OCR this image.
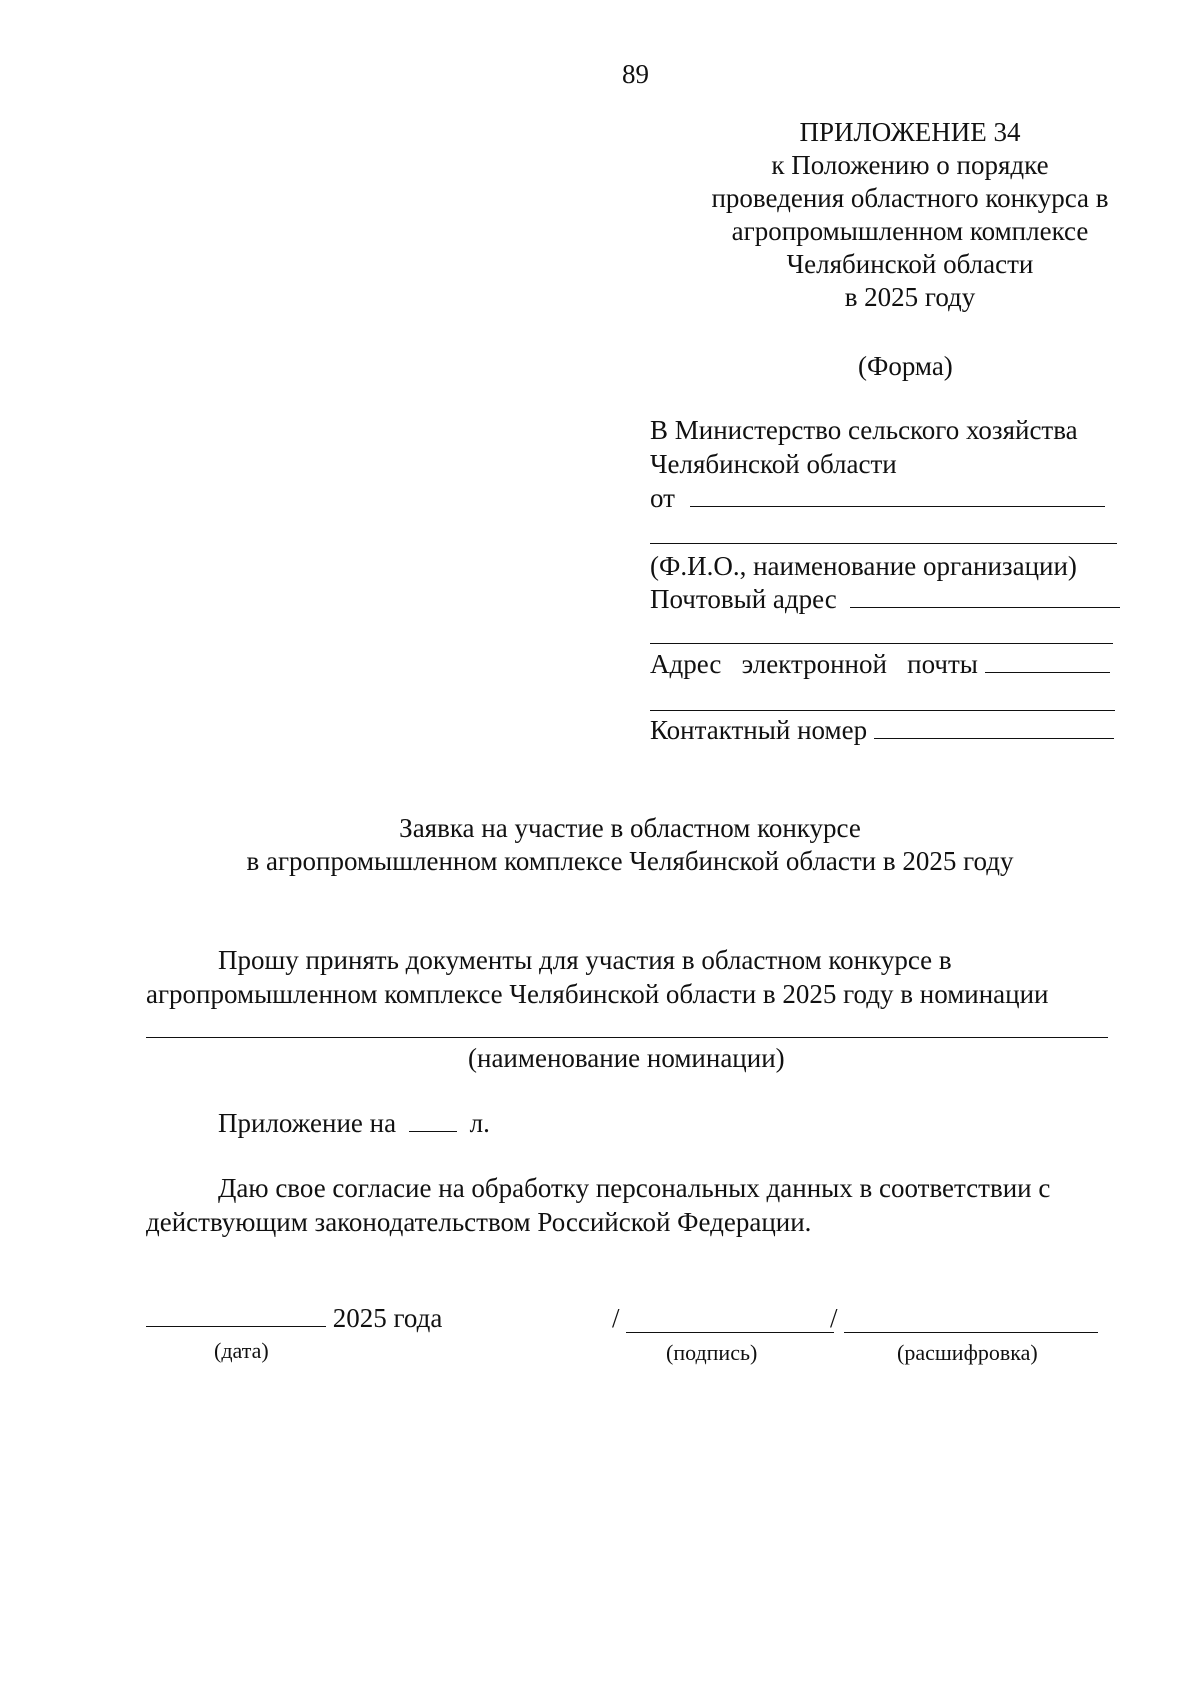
89
ПРИЛОЖЕНИЕ 34
к Положению о порядке
проведения областного конкурса в
агропромышленном комплексе
Челябинской области
в 2025 году
(Форма)
В Министерство сельского хозяйства
Челябинской области
от
(Ф.И.О., наименование организации)
Почтовый адрес
Адрес   электронной   почты
Контактный номер
Заявка на участие в областном конкурсе
в агропромышленном комплексе Челябинской области в 2025 году
Прошу принять документы для участия в областном конкурсе в
агропромышленном комплексе Челябинской области в 2025 году в номинации
(наименование номинации)
Приложение на	л.
Даю свое согласие на обработку персональных данных в соответствии с
действующим законодательством Российской Федерации.
2025 года	/	/
(дата)	(подпись)	(расшифровка)
